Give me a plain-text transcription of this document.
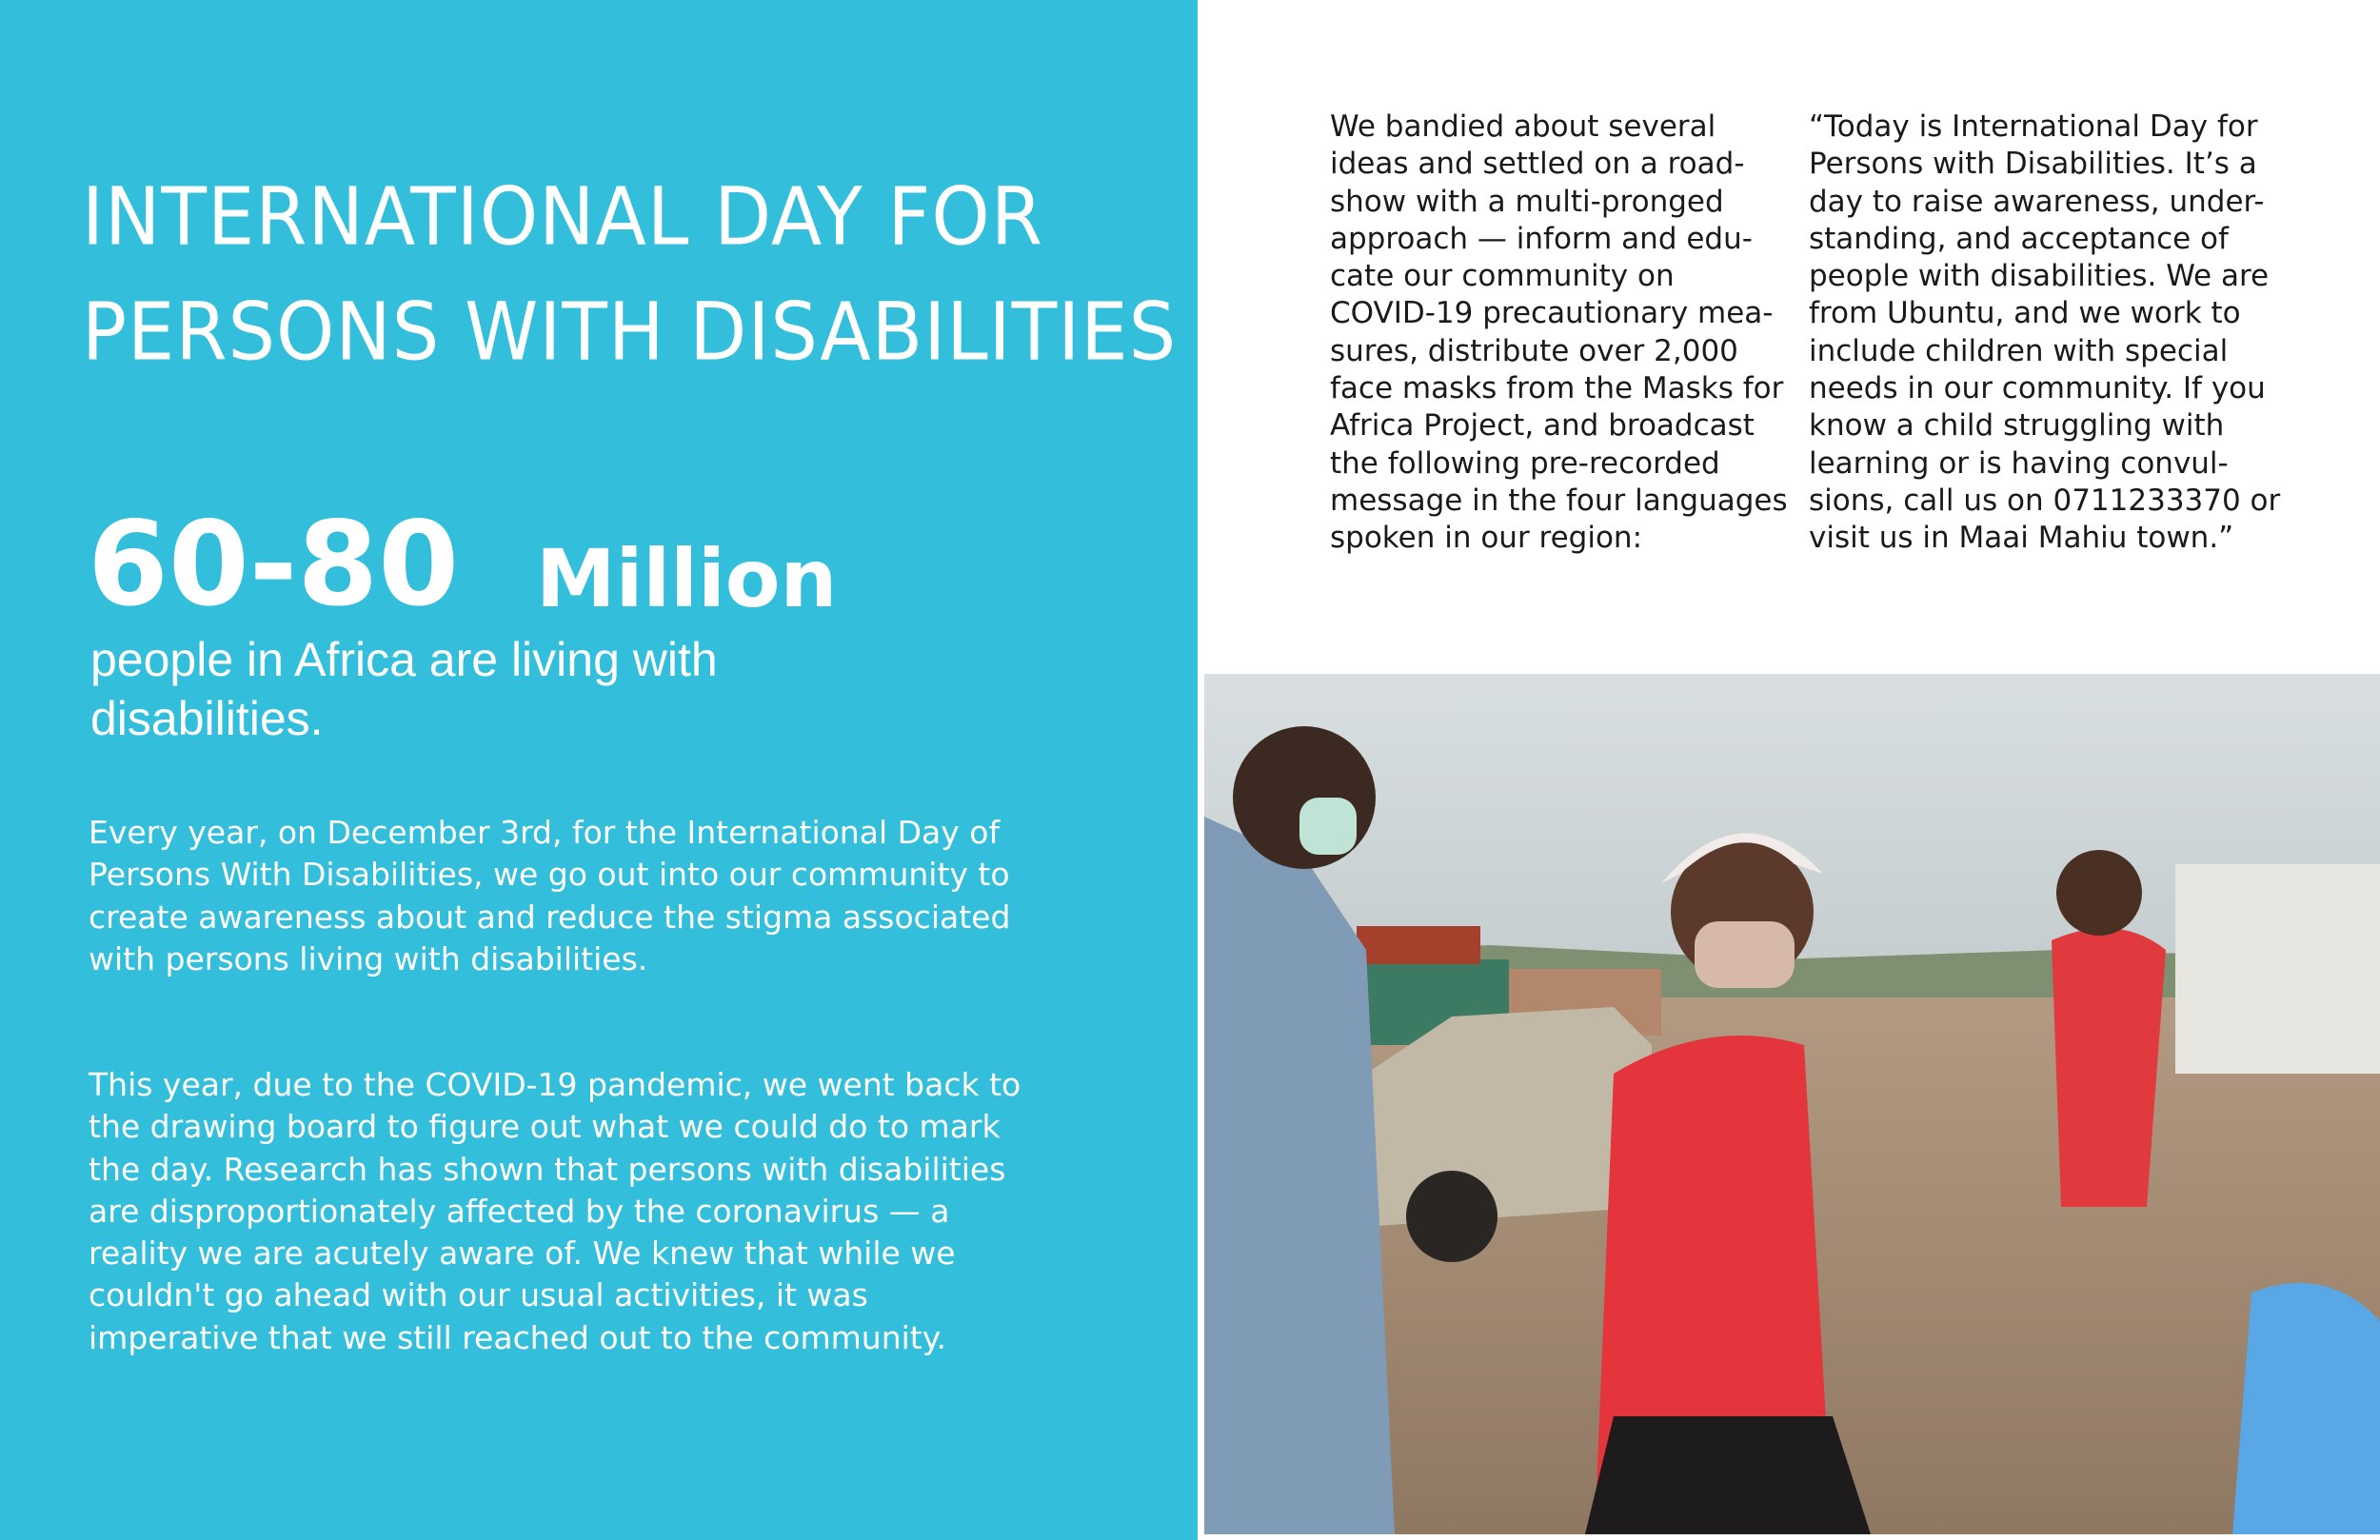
INTERNATIONAL DAY FOR
PERSONS WITH DISABILITIES
60-80 Million

people in Africa are living with disabilities.

Every year, on December 3rd, for the International Day of Persons With Disabilities, we go out into our community to create awareness about and reduce the stigma associated with persons living with disabilities.

This year, due to the COVID-19 pandemic, we went back to the drawing board to figure out what we could do to mark the day. Research has shown that persons with disabilities are disproportionately affected by the coronavirus — a reality we are acutely aware of. We knew that while we couldn't go ahead with our usual activities, it was imperative that we still reached out to the community.

We bandied about several
ideas and settled on a road-
show with a multi-pronged
approach — inform and edu-
cate our community on
COVID-19 precautionary mea-
sures, distribute over 2,000
face masks from the Masks for
Africa Project, and broadcast
the following pre-recorded
message in the four languages
spoken in our region:
“Today is International Day for
Persons with Disabilities. It’s a
day to raise awareness, under-
standing, and acceptance of
people with disabilities. We are
from Ubuntu, and we work to
include children with special
needs in our community. If you
know a child struggling with
learning or is having convul-
sions, call us on 0711233370 or
visit us in Maai Mahiu town.”
